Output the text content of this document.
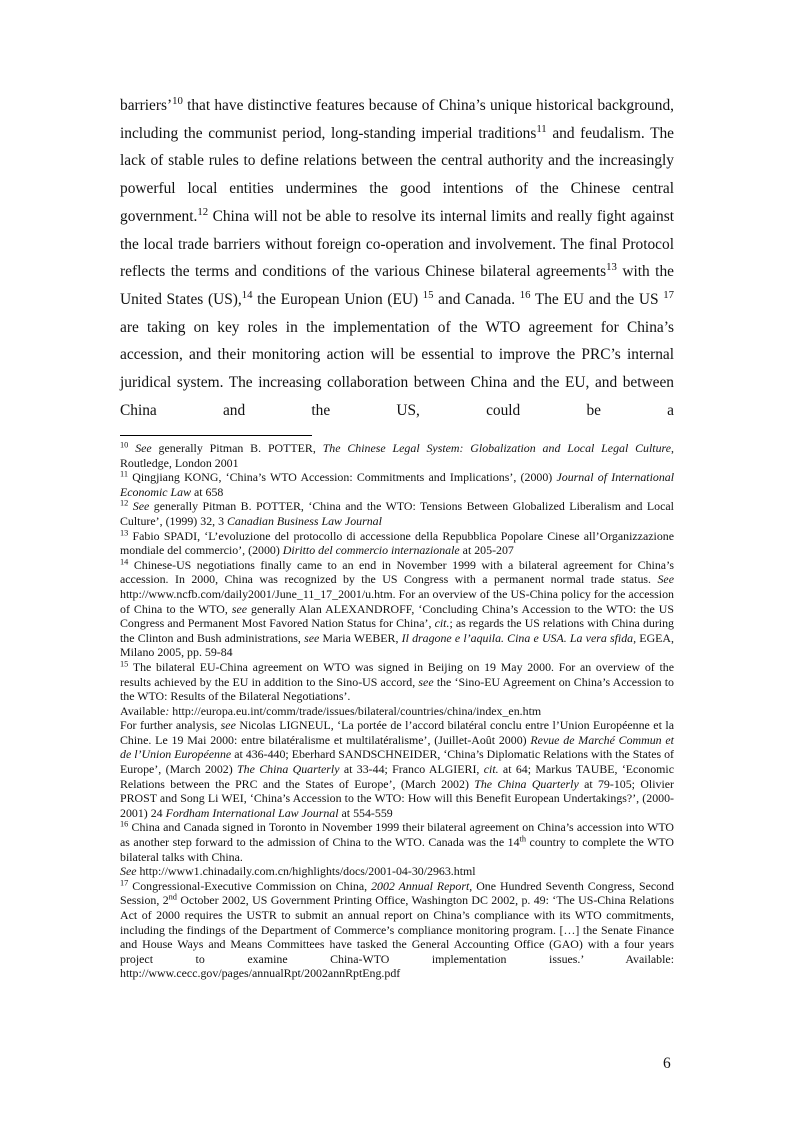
barriers’$^{10}$ that have distinctive features because of China’s unique historical background, including the communist period, long-standing imperial traditions$^{11}$ and feudalism. The lack of stable rules to define relations between the central authority and the increasingly powerful local entities undermines the good intentions of the Chinese central government.$^{12}$ China will not be able to resolve its internal limits and really fight against the local trade barriers without foreign co-operation and involvement. The final Protocol reflects the terms and conditions of the various Chinese bilateral agreements$^{13}$ with the United States (US),$^{14}$ the European Union (EU) $^{15}$ and Canada. $^{16}$ The EU and the US $^{17}$ are taking on key roles in the implementation of the WTO agreement for China’s accession, and their monitoring action will be essential to improve the PRC’s internal juridical system. The increasing collaboration between China and the EU, and between China and the US, could be a
$^{10}$ See generally Pitman B. POTTER, The Chinese Legal System: Globalization and Local Legal Culture, Routledge, London 2001
$^{11}$ Qingjiang KONG, ‘China’s WTO Accession: Commitments and Implications’, (2000) Journal of International Economic Law at 658
$^{12}$ See generally Pitman B. POTTER, ‘China and the WTO: Tensions Between Globalized Liberalism and Local Culture’, (1999) 32, 3 Canadian Business Law Journal
$^{13}$ Fabio SPADI, ‘L’evoluzione del protocollo di accessione della Repubblica Popolare Cinese all’Organizzazione mondiale del commercio’, (2000) Diritto del commercio internazionale at 205-207
$^{14}$ Chinese-US negotiations finally came to an end in November 1999 with a bilateral agreement for China’s accession. In 2000, China was recognized by the US Congress with a permanent normal trade status. See http://www.ncfb.com/daily2001/June_11_17_2001/u.htm. For an overview of the US-China policy for the accession of China to the WTO, see generally Alan ALEXANDROFF, ‘Concluding China’s Accession to the WTO: the US Congress and Permanent Most Favored Nation Status for China’, cit.; as regards the US relations with China during the Clinton and Bush administrations, see Maria WEBER, Il dragone e l’aquila. Cina e USA. La vera sfida, EGEA, Milano 2005, pp. 59-84

$^{15}$ The bilateral EU-China agreement on WTO was signed in Beijing on 19 May 2000. For an overview of the results achieved by the EU in addition to the Sino-US accord, see the ‘Sino-EU Agreement on China’s Accession to the WTO: Results of the Bilateral Negotiations’.

Available: http://europa.eu.int/comm/trade/issues/bilateral/countries/china/index_en.htm

For further analysis, see Nicolas LIGNEUL, ‘La portée de l’accord bilatéral conclu entre l’Union Européenne et la Chine. Le 19 Mai 2000: entre bilatéralisme et multilatéralisme’, (Juillet-Août 2000) Revue de Marché Commun et de l’Union Européenne at 436-440; Eberhard SANDSCHNEIDER, ‘China’s Diplomatic Relations with the States of Europe’, (March 2002) The China Quarterly at 33-44; Franco ALGIERI, cit. at 64; Markus TAUBE, ‘Economic Relations between the PRC and the States of Europe’, (March 2002) The China Quarterly at 79-105; Olivier PROST and Song Li WEI, ‘China’s Accession to the WTO: How will this Benefit European Undertakings?’, (2000-2001) 24 Fordham International Law Journal at 554-559

$^{16}$ China and Canada signed in Toronto in November 1999 their bilateral agreement on China’s accession into WTO as another step forward to the admission of China to the WTO. Canada was the 14th country to complete the WTO bilateral talks with China.

See http://www1.chinadaily.com.cn/highlights/docs/2001-04-30/2963.html

$^{17}$ Congressional-Executive Commission on China, 2002 Annual Report, One Hundred Seventh Congress, Second Session, 2nd October 2002, US Government Printing Office, Washington DC 2002, p. 49: ‘The US-China Relations Act of 2000 requires the USTR to submit an annual report on China’s compliance with its WTO commitments, including the findings of the Department of Commerce’s compliance monitoring program. […] the Senate Finance and House Ways and Means Committees have tasked the General Accounting Office (GAO) with a four years project to examine China-WTO implementation issues.’ Available: http://www.cecc.gov/pages/annualRpt/2002annRptEng.pdf
6
